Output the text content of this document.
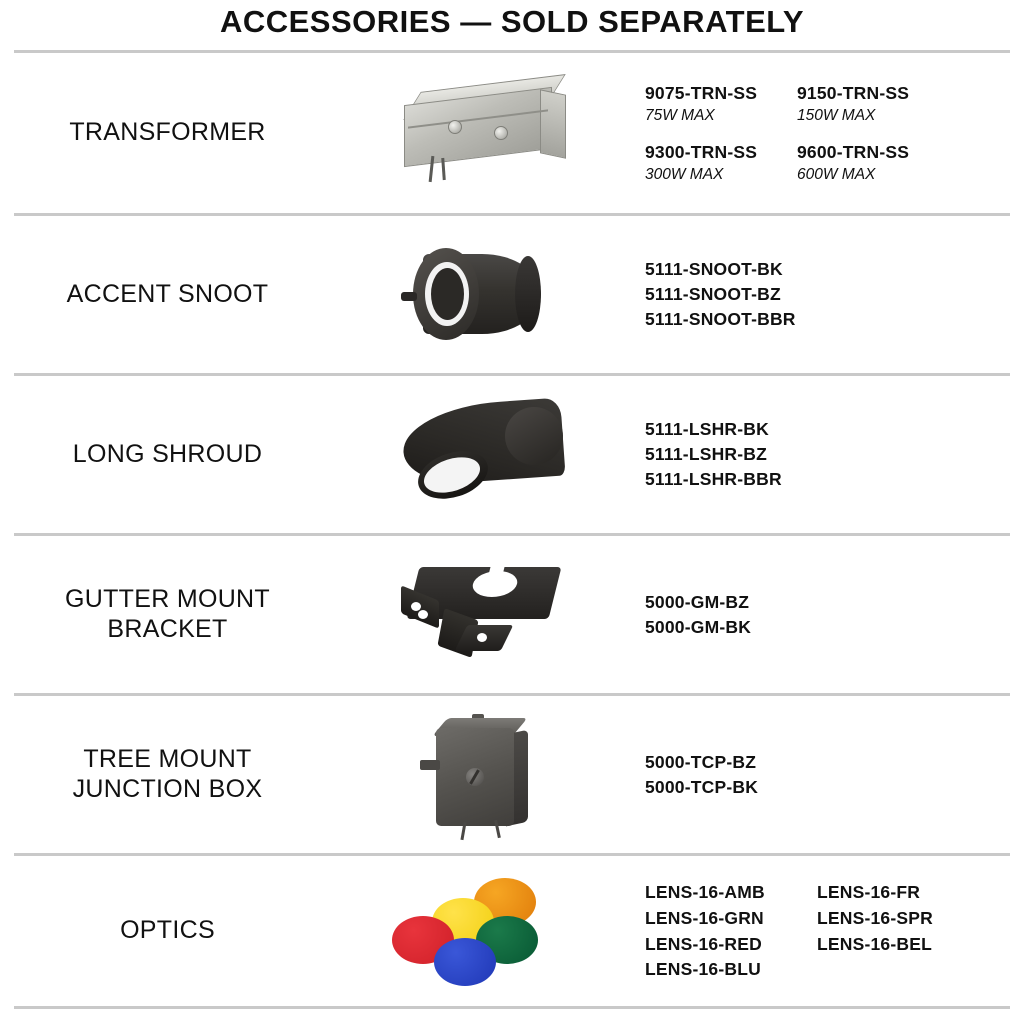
ACCESSORIES — SOLD SEPARATELY
TRANSFORMER
9075-TRN-SS
75W MAX
9150-TRN-SS
150W MAX
9300-TRN-SS
300W MAX
9600-TRN-SS
600W MAX
ACCENT SNOOT
5111-SNOOT-BK
5111-SNOOT-BZ
5111-SNOOT-BBR
LONG SHROUD
5111-LSHR-BK
5111-LSHR-BZ
5111-LSHR-BBR
GUTTER MOUNT
BRACKET
5000-GM-BZ
5000-GM-BK
TREE MOUNT
JUNCTION BOX
5000-TCP-BZ
5000-TCP-BK
OPTICS
LENS-16-AMB	LENS-16-FR
LENS-16-GRN	LENS-16-SPR
LENS-16-RED	LENS-16-BEL
LENS-16-BLU
